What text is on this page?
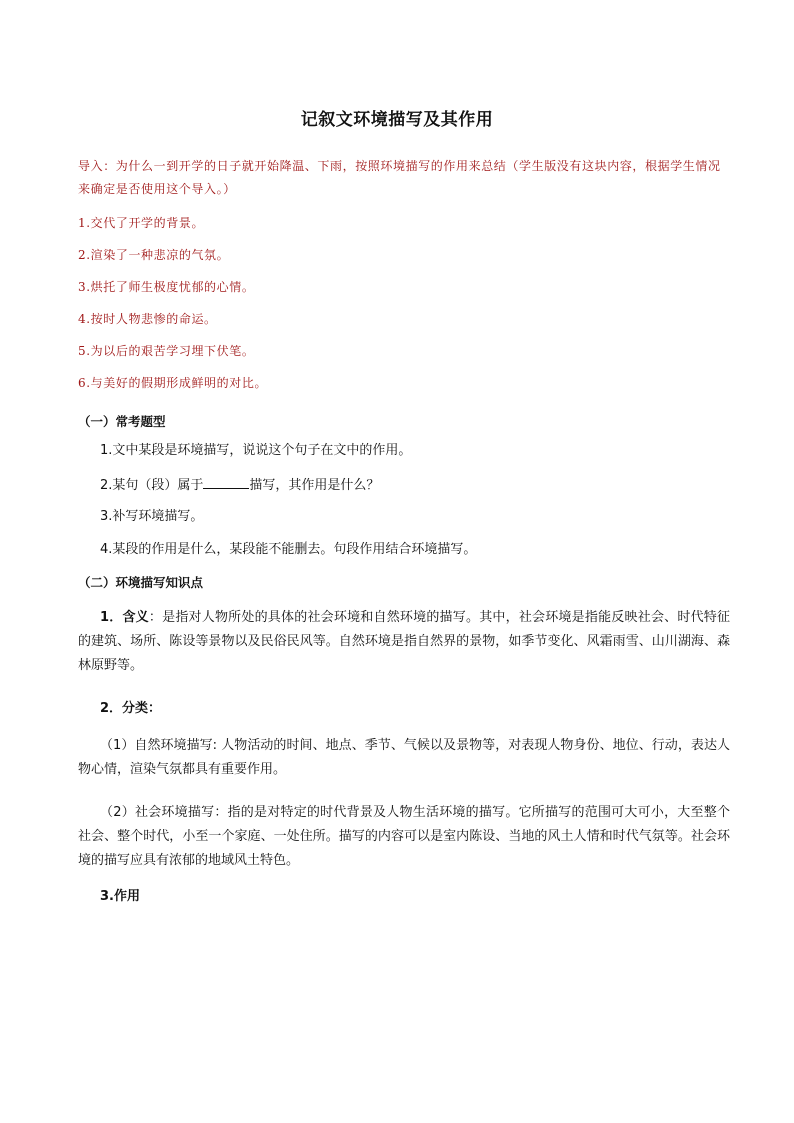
记叙文环境描写及其作用
导入：为什么一到开学的日子就开始降温、下雨，按照环境描写的作用来总结（学生版没有这块内容，根据学生情况来确定是否使用这个导入。）
1.交代了开学的背景。
2.渲染了一种悲凉的气氛。
3.烘托了师生极度忧郁的心情。
4.按时人物悲惨的命运。
5.为以后的艰苦学习埋下伏笔。
6.与美好的假期形成鲜明的对比。
（一）常考题型
1.文中某段是环境描写，说说这个句子在文中的作用。
2.某句（段）属于	描写，其作用是什么？
3.补写环境描写。
4.某段的作用是什么，某段能不能删去。句段作用结合环境描写。
（二）环境描写知识点
1．含义：是指对人物所处的具体的社会环境和自然环境的描写。其中，社会环境是指能反映社会、时代特征的建筑、场所、陈设等景物以及民俗民风等。自然环境是指自然界的景物，如季节变化、风霜雨雪、山川湖海、森林原野等。
2．分类：
（1）自然环境描写: 人物活动的时间、地点、季节、气候以及景物等，对表现人物身份、地位、行动，表达人物心情，渲染气氛都具有重要作用。
（2）社会环境描写：指的是对特定的时代背景及人物生活环境的描写。它所描写的范围可大可小，大至整个社会、整个时代，小至一个家庭、一处住所。描写的内容可以是室内陈设、当地的风土人情和时代气氛等。社会环境的描写应具有浓郁的地域风土特色。
3.作用
